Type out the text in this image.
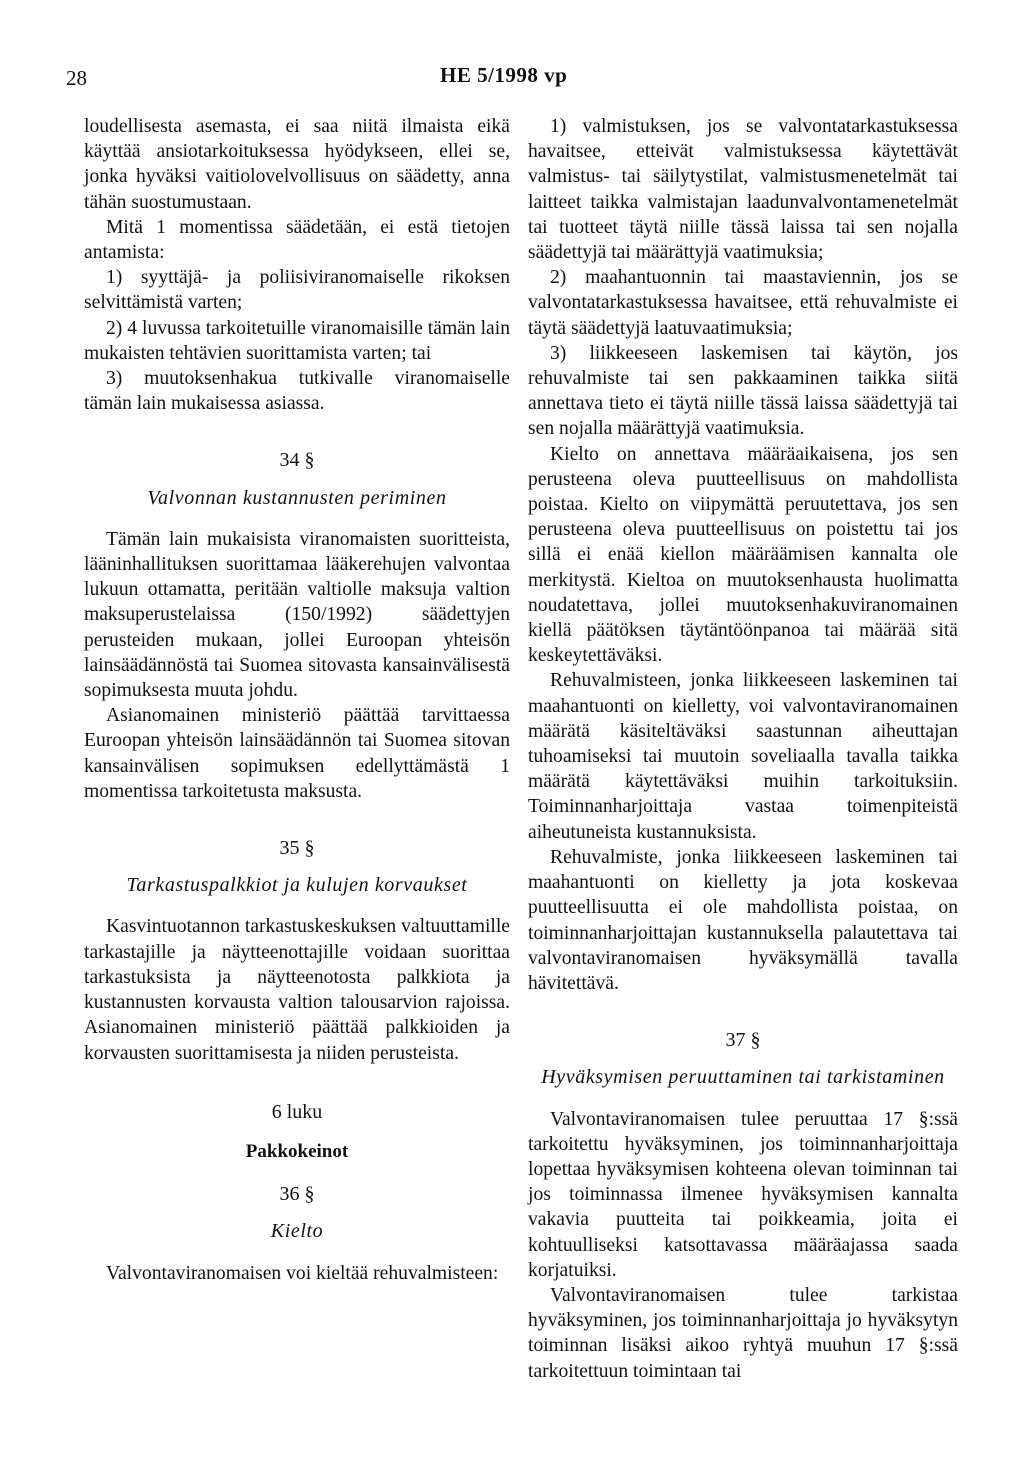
28	HE 5/1998 vp

loudellisesta asemasta, ei saa niitä ilmaista eikä käyttää ansiotarkoituksessa hyödykseen, ellei se, jonka hyväksi vaitiolovelvollisuus on säädetty, anna tähän suostumustaan.

Mitä 1 momentissa säädetään, ei estä tietojen antamista:

1) syyttäjä- ja poliisiviranomaiselle rikoksen selvittämistä varten;

2) 4 luvussa tarkoitetuille viranomaisille tämän lain mukaisten tehtävien suorittamista varten; tai

3) muutoksenhakua tutkivalle viranomaiselle tämän lain mukaisessa asiassa.

34 §
Valvonnan kustannusten periminen

Tämän lain mukaisista viranomaisten suoritteista, lääninhallituksen suorittamaa lääkerehujen valvontaa lukuun ottamatta, peritään valtiolle maksuja valtion maksuperustelaissa (150/1992) säädettyjen perusteiden mukaan, jollei Euroopan yhteisön lainsäädännöstä tai Suomea sitovasta kansainvälisestä sopimuksesta muuta johdu.

Asianomainen ministeriö päättää tarvittaessa Euroopan yhteisön lainsäädännön tai Suomea sitovan kansainvälisen sopimuksen edellyttämästä 1 momentissa tarkoitetusta maksusta.

35 §
Tarkastuspalkkiot ja kulujen korvaukset

Kasvintuotannon tarkastuskeskuksen valtuuttamille tarkastajille ja näytteenottajille voidaan suorittaa tarkastuksista ja näytteenotosta palkkiota ja kustannusten korvausta valtion talousarvion rajoissa. Asianomainen ministeriö päättää palkkioiden ja korvausten suorittamisesta ja niiden perusteista.

6 luku
Pakkokeinot
36 §
Kielto

Valvontaviranomaisen voi kieltää rehuvalmisteen:

1) valmistuksen, jos se valvontatarkastuksessa havaitsee, etteivät valmistuksessa käytettävät valmistus- tai säilytystilat, valmistusmenetelmät tai laitteet taikka valmistajan laadunvalvontamenetelmät tai tuotteet täytä niille tässä laissa tai sen nojalla säädettyjä tai määrättyjä vaatimuksia;

2) maahantuonnin tai maastaviennin, jos se valvontatarkastuksessa havaitsee, että rehuvalmiste ei täytä säädettyjä laatuvaatimuksia;

3) liikkeeseen laskemisen tai käytön, jos rehuvalmiste tai sen pakkaaminen taikka siitä annettava tieto ei täytä niille tässä laissa säädettyjä tai sen nojalla määrättyjä vaatimuksia.

Kielto on annettava määräaikaisena, jos sen perusteena oleva puutteellisuus on mahdollista poistaa. Kielto on viipymättä peruutettava, jos sen perusteena oleva puutteellisuus on poistettu tai jos sillä ei enää kiellon määräämisen kannalta ole merkitystä. Kieltoa on muutoksenhausta huolimatta noudatettava, jollei muutoksenhakuviranomainen kiellä päätöksen täytäntöönpanoa tai määrää sitä keskeytettäväksi.

Rehuvalmisteen, jonka liikkeeseen laskeminen tai maahantuonti on kielletty, voi valvontaviranomainen määrätä käsiteltäväksi saastunnan aiheuttajan tuhoamiseksi tai muutoin soveliaalla tavalla taikka määrätä käytettäväksi muihin tarkoituksiin. Toiminnanharjoittaja vastaa toimenpiteistä aiheutuneista kustannuksista.

Rehuvalmiste, jonka liikkeeseen laskeminen tai maahantuonti on kielletty ja jota koskevaa puutteellisuutta ei ole mahdollista poistaa, on toiminnanharjoittajan kustannuksella palautettava tai valvontaviranomaisen hyväksymällä tavalla hävitettävä.

37 §
Hyväksymisen peruuttaminen tai tarkistaminen

Valvontaviranomaisen tulee peruuttaa 17 §:ssä tarkoitettu hyväksyminen, jos toiminnanharjoittaja lopettaa hyväksymisen kohteena olevan toiminnan tai jos toiminnassa ilmenee hyväksymisen kannalta vakavia puutteita tai poikkeamia, joita ei kohtuulliseksi katsottavassa määräajassa saada korjatuiksi.

Valvontaviranomaisen tulee tarkistaa hyväksyminen, jos toiminnanharjoittaja jo hyväksytyn toiminnan lisäksi aikoo ryhtyä muuhun 17 §:ssä tarkoitettuun toimintaan tai
